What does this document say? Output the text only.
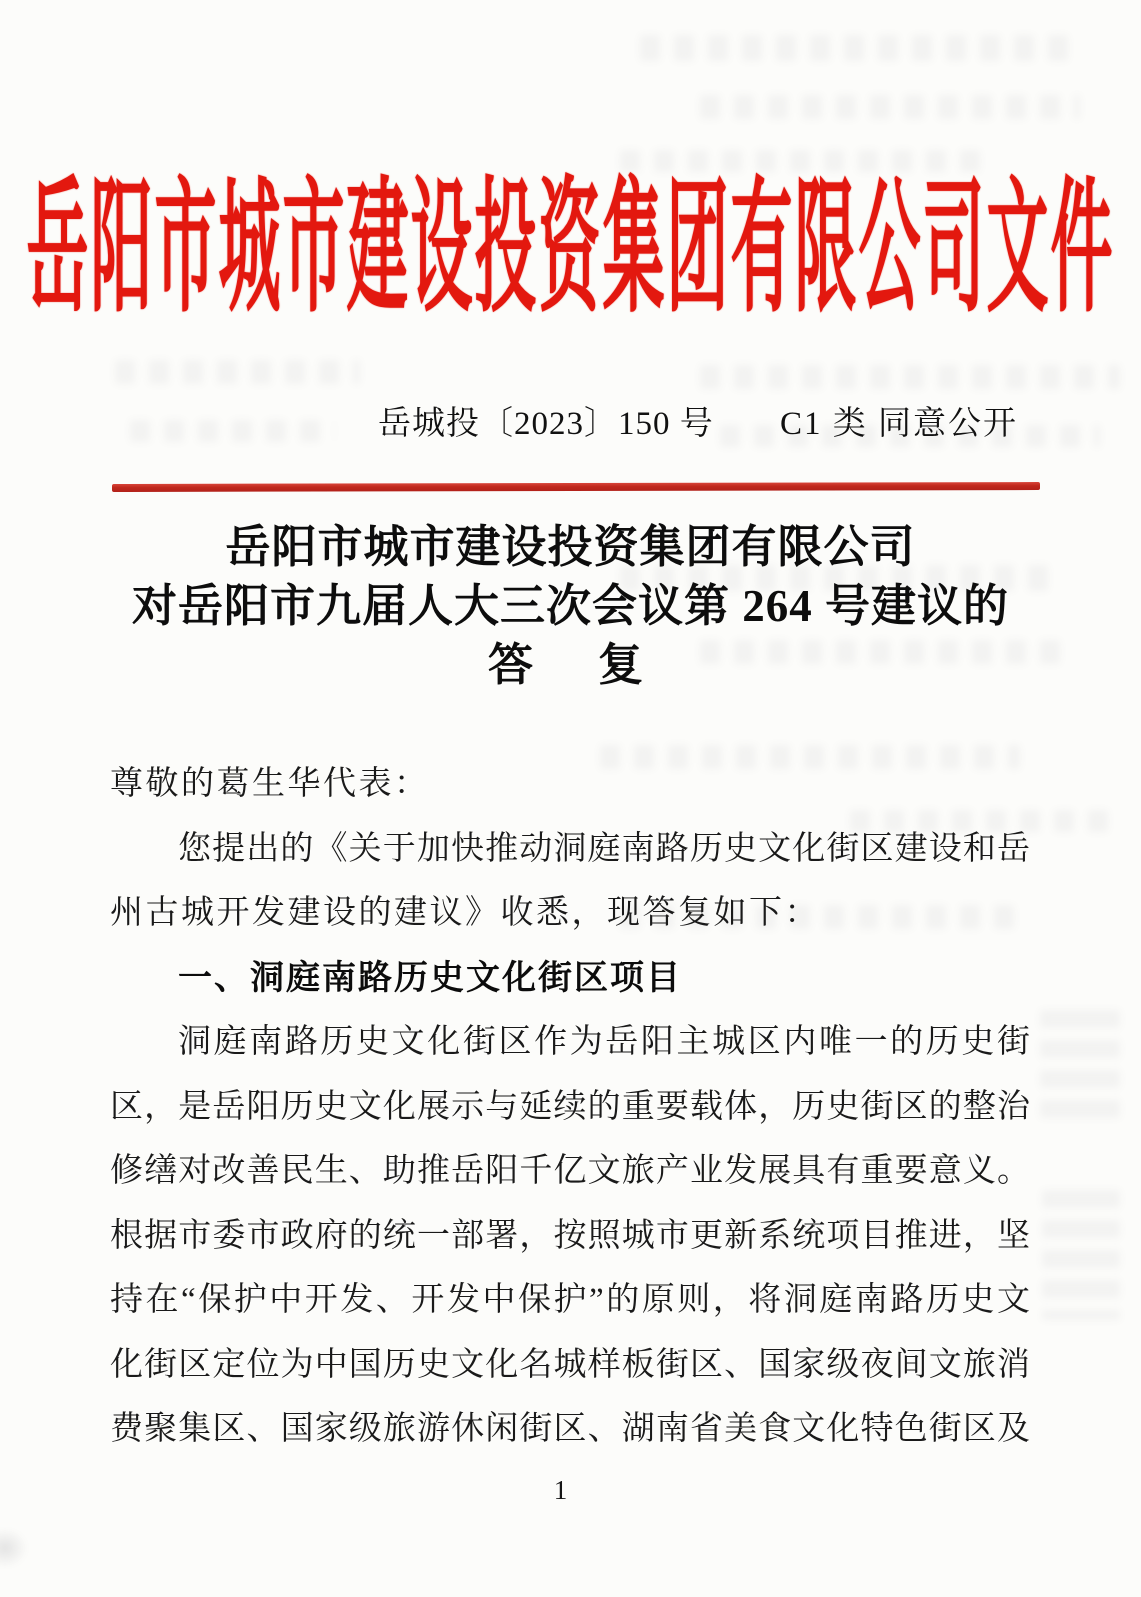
岳阳市城市建设投资集团有限公司文件
岳城投〔2023〕150 号 C1 类 同意公开
岳阳市城市建设投资集团有限公司
对岳阳市九届人大三次会议第 264 号建议的
答　复
尊敬的葛生华代表：
您提出的《关于加快推动洞庭南路历史文化街区建设和岳
州古城开发建设的建议》收悉，现答复如下：
一、洞庭南路历史文化街区项目
洞庭南路历史文化街区作为岳阳主城区内唯一的历史街
区，是岳阳历史文化展示与延续的重要载体，历史街区的整治
修缮对改善民生、助推岳阳千亿文旅产业发展具有重要意义。
根据市委市政府的统一部署，按照城市更新系统项目推进，坚
持在“保护中开发、开发中保护”的原则，将洞庭南路历史文
化街区定位为中国历史文化名城样板街区、国家级夜间文旅消
费聚集区、国家级旅游休闲街区、湖南省美食文化特色街区及
1
